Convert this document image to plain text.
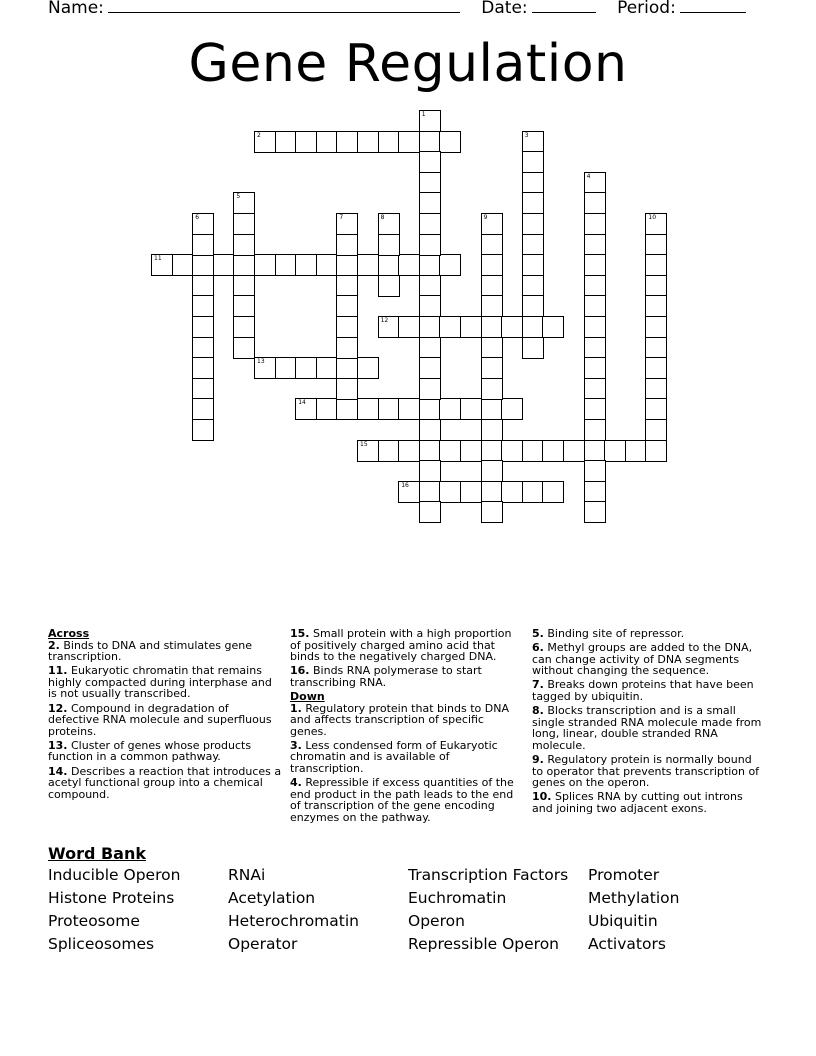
Name:	Date:	Period:
Gene Regulation
2
11
12
13
14
15
16
1
3
4
5
6	7	8	9	10
Across

2. Binds to DNA and stimulates gene transcription.

11. Eukaryotic chromatin that remains highly compacted during interphase and is not usually transcribed.

12. Compound in degradation of defective RNA molecule and superfluous proteins.

13. Cluster of genes whose products function in a common pathway.

14. Describes a reaction that introduces a acetyl functional group into a chemical compound.

15. Small protein with a high proportion of positively charged amino acid that binds to the negatively charged DNA.

16. Binds RNA polymerase to start transcribing RNA.

Down

1. Regulatory protein that binds to DNA and affects transcription of specific genes.

3. Less condensed form of Eukaryotic chromatin and is available of transcription.

4. Repressible if excess quantities of the end product in the path leads to the end of transcription of the gene encoding enzymes on the pathway.

5. Binding site of repressor.

6. Methyl groups are added to the DNA, can change activity of DNA segments without changing the sequence.

7. Breaks down proteins that have been tagged by ubiquitin.

8. Blocks transcription and is a small single stranded RNA molecule made from long, linear, double stranded RNA molecule.

9. Regulatory protein is normally bound to operator that prevents transcription of genes on the operon.

10. Splices RNA by cutting out introns and joining two adjacent exons.

Word Bank
Inducible Operon
Histone Proteins
Proteosome
Spliceosomes
RNAi
Acetylation
Heterochromatin
Operator
Transcription Factors
Euchromatin
Operon
Repressible Operon
Promoter
Methylation
Ubiquitin
Activators
